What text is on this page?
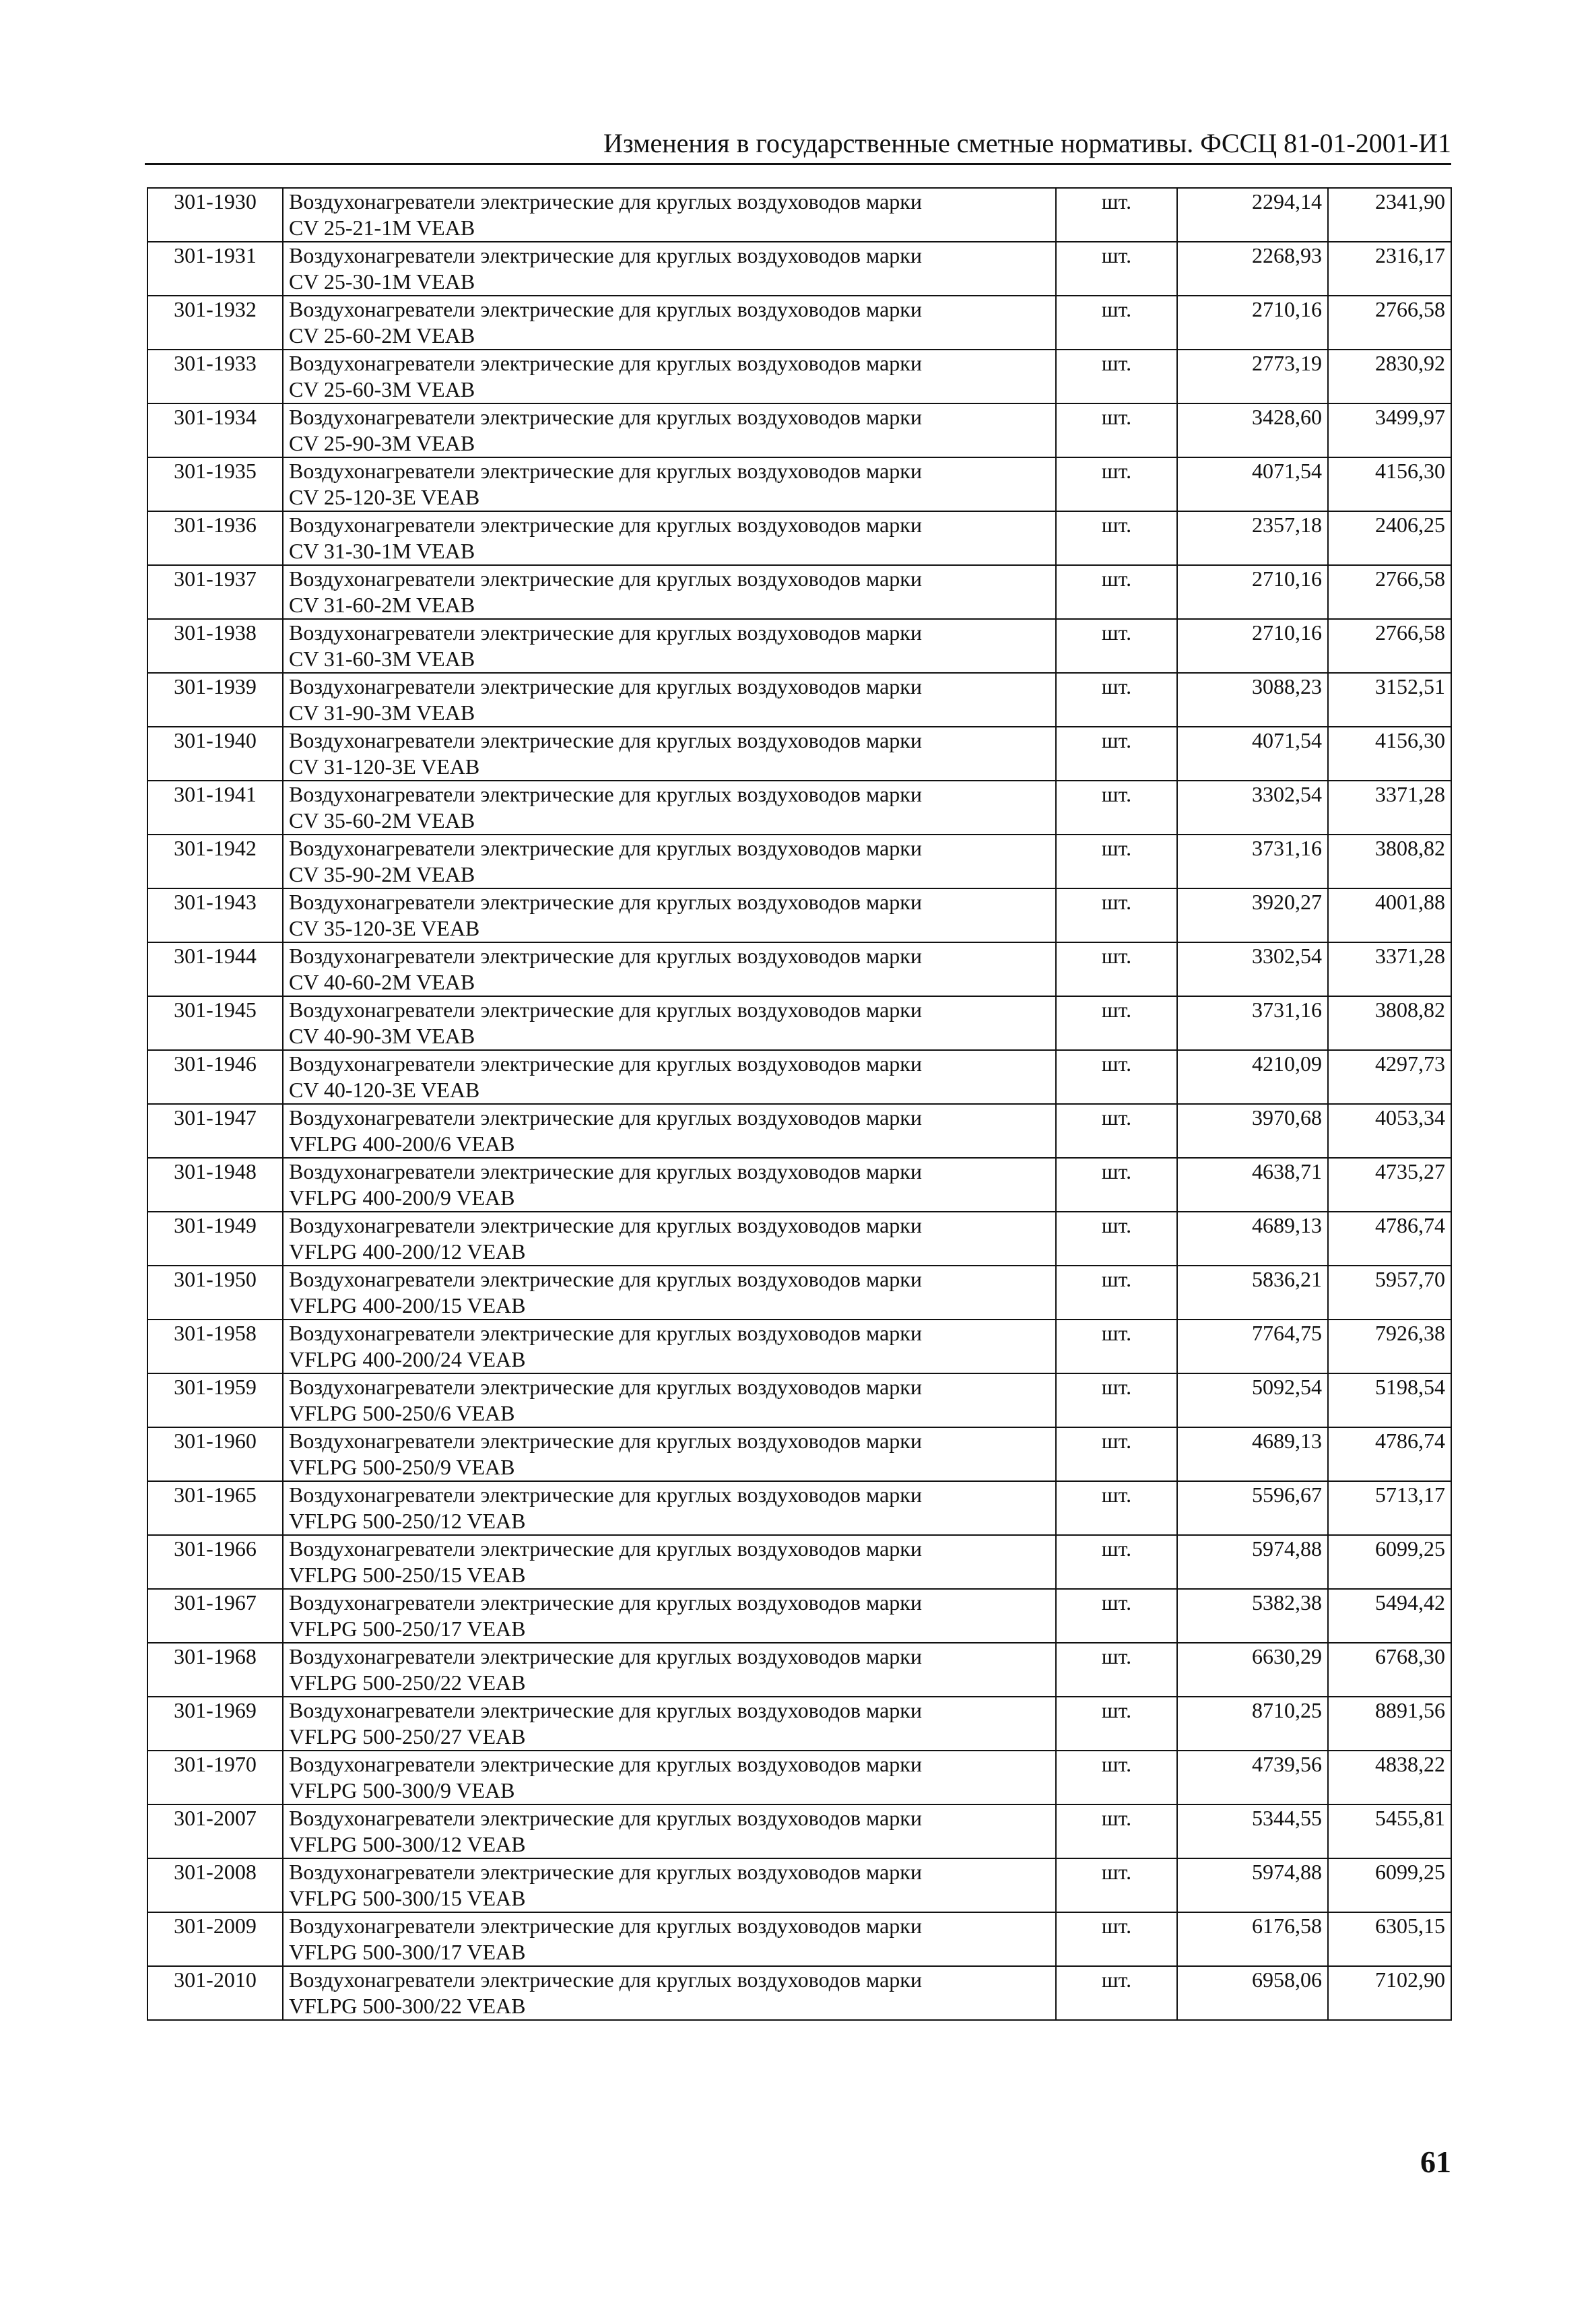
Изменения в государственные сметные нормативы. ФССЦ 81-01-2001-И1
301-1930	Воздухонагреватели электрические для круглых воздуховодов марки
CV 25-21-1M VEAB	шт.	2294,14	2341,90
301-1931	Воздухонагреватели электрические для круглых воздуховодов марки
CV 25-30-1M VEAB	шт.	2268,93	2316,17
301-1932	Воздухонагреватели электрические для круглых воздуховодов марки
CV 25-60-2M VEAB	шт.	2710,16	2766,58
301-1933	Воздухонагреватели электрические для круглых воздуховодов марки
CV 25-60-3M VEAB	шт.	2773,19	2830,92
301-1934	Воздухонагреватели электрические для круглых воздуховодов марки
CV 25-90-3M VEAB	шт.	3428,60	3499,97
301-1935	Воздухонагреватели электрические для круглых воздуховодов марки
CV 25-120-3E VEAB	шт.	4071,54	4156,30
301-1936	Воздухонагреватели электрические для круглых воздуховодов марки
CV 31-30-1M VEAB	шт.	2357,18	2406,25
301-1937	Воздухонагреватели электрические для круглых воздуховодов марки
CV 31-60-2M VEAB	шт.	2710,16	2766,58
301-1938	Воздухонагреватели электрические для круглых воздуховодов марки
CV 31-60-3M VEAB	шт.	2710,16	2766,58
301-1939	Воздухонагреватели электрические для круглых воздуховодов марки
CV 31-90-3M VEAB	шт.	3088,23	3152,51
301-1940	Воздухонагреватели электрические для круглых воздуховодов марки
CV 31-120-3E VEAB	шт.	4071,54	4156,30
301-1941	Воздухонагреватели электрические для круглых воздуховодов марки
CV 35-60-2M VEAB	шт.	3302,54	3371,28
301-1942	Воздухонагреватели электрические для круглых воздуховодов марки
CV 35-90-2M VEAB	шт.	3731,16	3808,82
301-1943	Воздухонагреватели электрические для круглых воздуховодов марки
CV 35-120-3E VEAB	шт.	3920,27	4001,88
301-1944	Воздухонагреватели электрические для круглых воздуховодов марки
CV 40-60-2M VEAB	шт.	3302,54	3371,28
301-1945	Воздухонагреватели электрические для круглых воздуховодов марки
CV 40-90-3M VEAB	шт.	3731,16	3808,82
301-1946	Воздухонагреватели электрические для круглых воздуховодов марки
CV 40-120-3E VEAB	шт.	4210,09	4297,73
301-1947	Воздухонагреватели электрические для круглых воздуховодов марки
VFLPG 400-200/6 VEAB	шт.	3970,68	4053,34
301-1948	Воздухонагреватели электрические для круглых воздуховодов марки
VFLPG 400-200/9 VEAB	шт.	4638,71	4735,27
301-1949	Воздухонагреватели электрические для круглых воздуховодов марки
VFLPG 400-200/12 VEAB	шт.	4689,13	4786,74
301-1950	Воздухонагреватели электрические для круглых воздуховодов марки
VFLPG 400-200/15 VEAB	шт.	5836,21	5957,70
301-1958	Воздухонагреватели электрические для круглых воздуховодов марки
VFLPG 400-200/24 VEAB	шт.	7764,75	7926,38
301-1959	Воздухонагреватели электрические для круглых воздуховодов марки
VFLPG 500-250/6 VEAB	шт.	5092,54	5198,54
301-1960	Воздухонагреватели электрические для круглых воздуховодов марки
VFLPG 500-250/9 VEAB	шт.	4689,13	4786,74
301-1965	Воздухонагреватели электрические для круглых воздуховодов марки
VFLPG 500-250/12 VEAB	шт.	5596,67	5713,17
301-1966	Воздухонагреватели электрические для круглых воздуховодов марки
VFLPG 500-250/15 VEAB	шт.	5974,88	6099,25
301-1967	Воздухонагреватели электрические для круглых воздуховодов марки
VFLPG 500-250/17 VEAB	шт.	5382,38	5494,42
301-1968	Воздухонагреватели электрические для круглых воздуховодов марки
VFLPG 500-250/22 VEAB	шт.	6630,29	6768,30
301-1969	Воздухонагреватели электрические для круглых воздуховодов марки
VFLPG 500-250/27 VEAB	шт.	8710,25	8891,56
301-1970	Воздухонагреватели электрические для круглых воздуховодов марки
VFLPG 500-300/9 VEAB	шт.	4739,56	4838,22
301-2007	Воздухонагреватели электрические для круглых воздуховодов марки
VFLPG 500-300/12 VEAB	шт.	5344,55	5455,81
301-2008	Воздухонагреватели электрические для круглых воздуховодов марки
VFLPG 500-300/15 VEAB	шт.	5974,88	6099,25
301-2009	Воздухонагреватели электрические для круглых воздуховодов марки
VFLPG 500-300/17 VEAB	шт.	6176,58	6305,15
301-2010	Воздухонагреватели электрические для круглых воздуховодов марки
VFLPG 500-300/22 VEAB	шт.	6958,06	7102,90
61
